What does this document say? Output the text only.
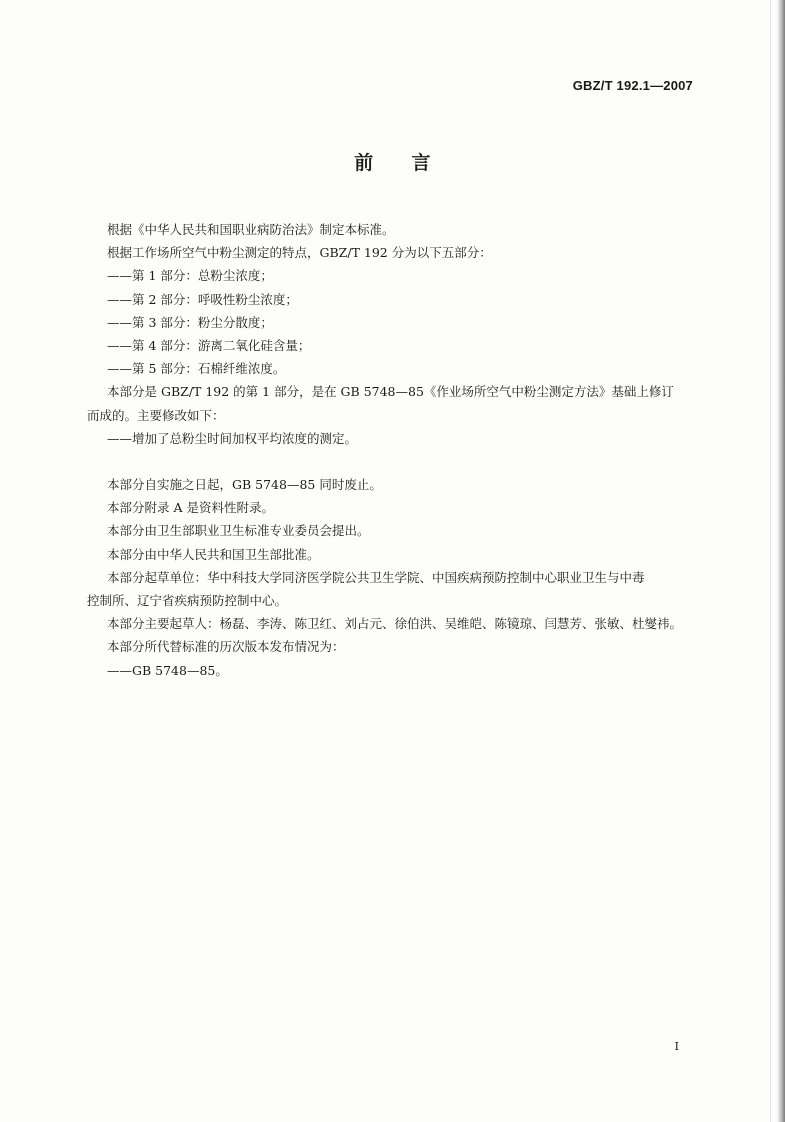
GBZ/T 192.1—2007
前 言

根据《中华人民共和国职业病防治法》制定本标准。

根据工作场所空气中粉尘测定的特点，GBZ/T 192 分为以下五部分：

——第 1 部分：总粉尘浓度；

——第 2 部分：呼吸性粉尘浓度；

——第 3 部分：粉尘分散度；

——第 4 部分：游离二氧化硅含量；

——第 5 部分：石棉纤维浓度。

本部分是 GBZ/T 192 的第 1 部分，是在 GB 5748—85《作业场所空气中粉尘测定方法》基础上修订

而成的。主要修改如下：

——增加了总粉尘时间加权平均浓度的测定。

本部分自实施之日起，GB 5748—85 同时废止。

本部分附录 A 是资料性附录。

本部分由卫生部职业卫生标准专业委员会提出。

本部分由中华人民共和国卫生部批准。

本部分起草单位：华中科技大学同济医学院公共卫生学院、中国疾病预防控制中心职业卫生与中毒

控制所、辽宁省疾病预防控制中心。

本部分主要起草人：杨磊、李涛、陈卫红、刘占元、徐伯洪、吴维皑、陈镜琼、闫慧芳、张敏、杜燮祎。

本部分所代替标准的历次版本发布情况为：

——GB 5748—85。

I
